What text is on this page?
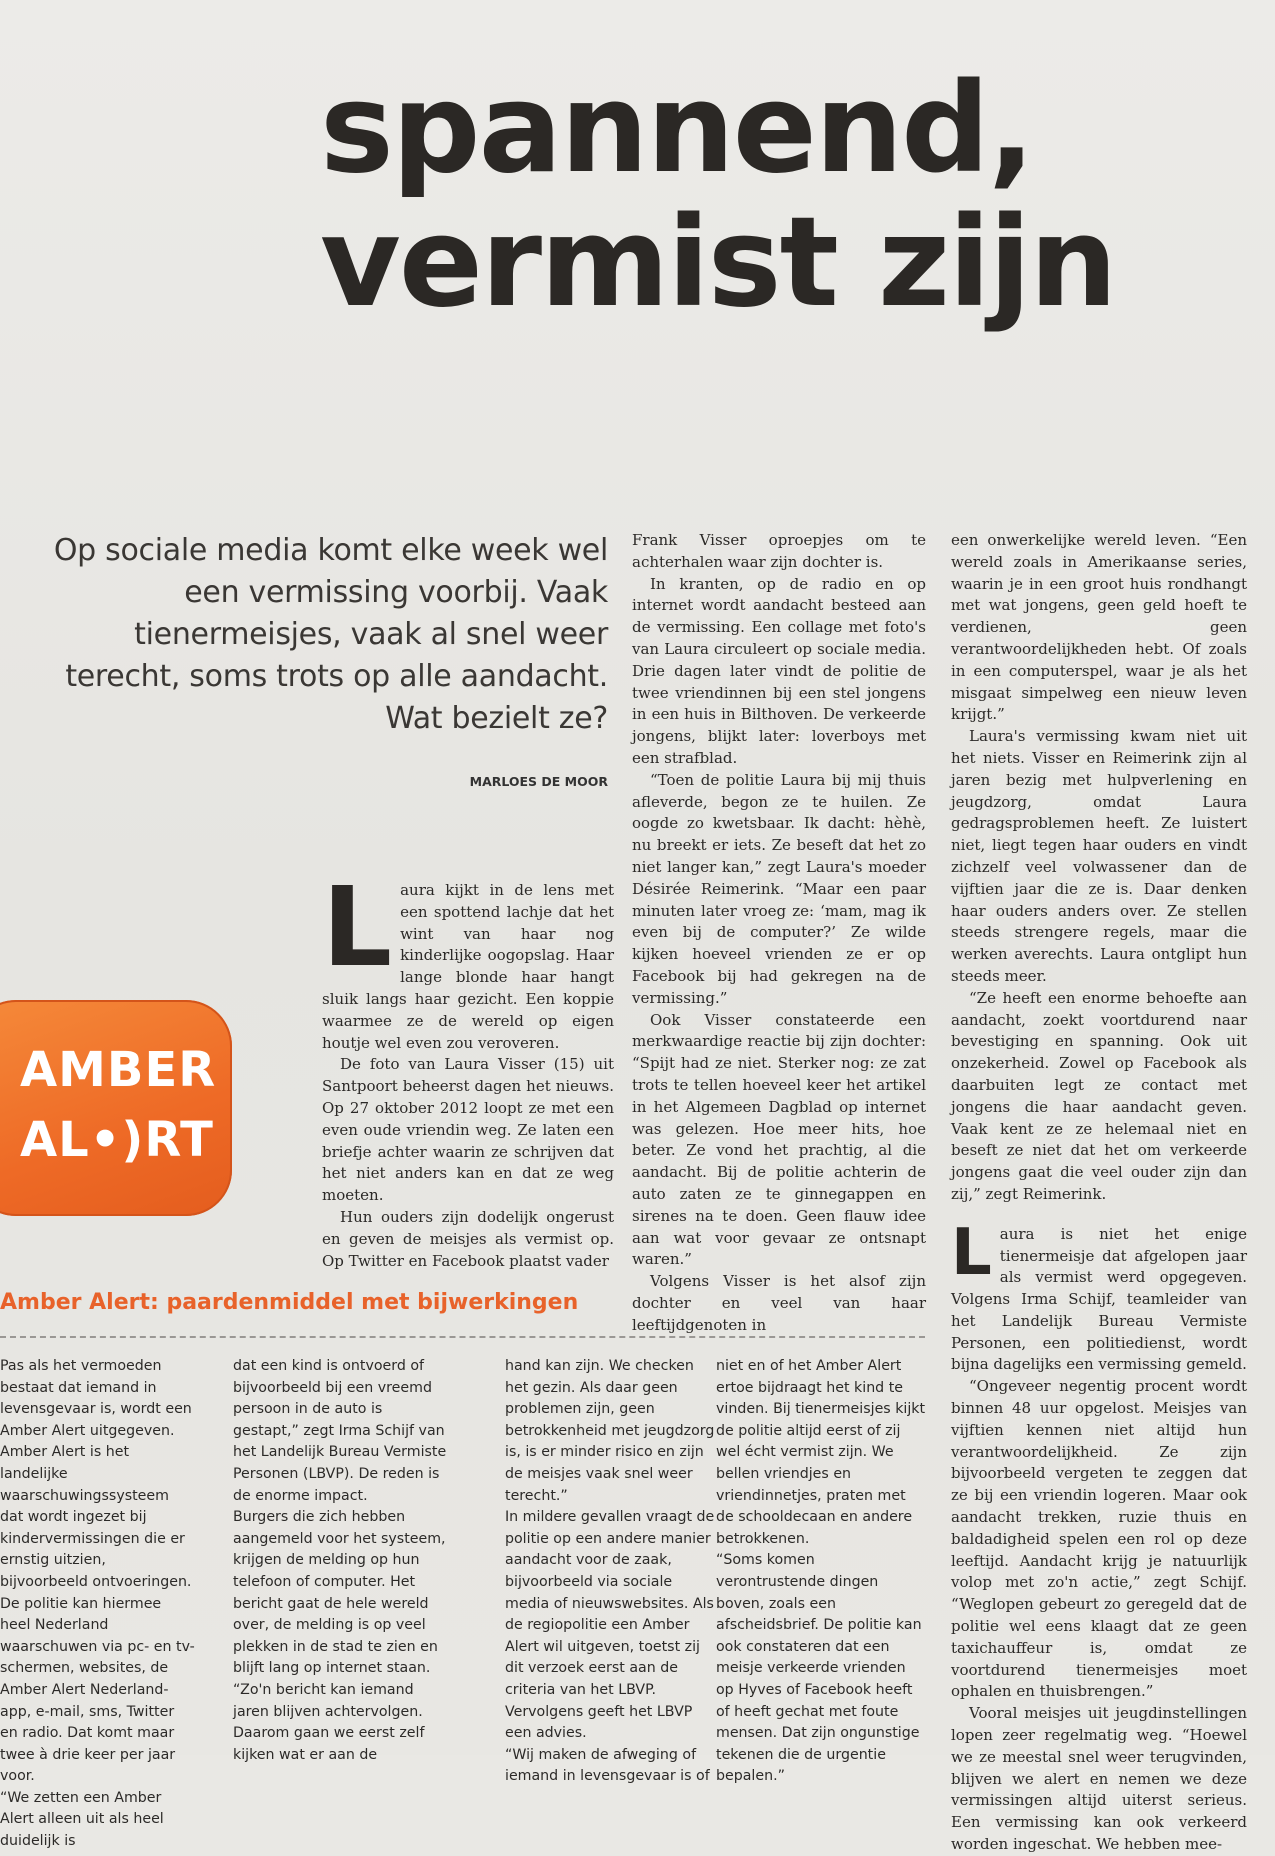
spannend,
vermist zijn

Op sociale media komt elke week wel een vermissing voorbij. Vaak tienermeisjes, vaak al snel weer terecht, soms trots op alle aandacht. Wat bezielt ze?

MARLOES DE MOOR
L aura kijkt in de lens met een spottend lachje dat het wint van haar nog kinderlijke oogopslag. Haar lange blonde haar hangt sluik langs haar gezicht. Een koppie waarmee ze de wereld op eigen houtje wel even zou veroveren.

De foto van Laura Visser (15) uit Santpoort beheerst dagen het nieuws. Op 27 oktober 2012 loopt ze met een even oude vriendin weg. Ze laten een briefje achter waarin ze schrijven dat het niet anders kan en dat ze weg moeten.

Hun ouders zijn dodelijk ongerust en geven de meisjes als vermist op. Op Twitter en Facebook plaatst vader

Frank Visser oproepjes om te achterhalen waar zijn dochter is.

In kranten, op de radio en op internet wordt aandacht besteed aan de vermissing. Een collage met foto's van Laura circuleert op sociale media. Drie dagen later vindt de politie de twee vriendinnen bij een stel jongens in een huis in Bilthoven. De verkeerde jongens, blijkt later: loverboys met een strafblad.

“Toen de politie Laura bij mij thuis afleverde, begon ze te huilen. Ze oogde zo kwetsbaar. Ik dacht: hèhè, nu breekt er iets. Ze beseft dat het zo niet langer kan,” zegt Laura's moeder Désirée Reimerink. “Maar een paar minuten later vroeg ze: ‘mam, mag ik even bij de computer?’ Ze wilde kijken hoeveel vrienden ze er op Facebook bij had gekregen na de vermissing.”

Ook Visser constateerde een merkwaardige reactie bij zijn dochter: “Spijt had ze niet. Sterker nog: ze zat trots te tellen hoeveel keer het artikel in het Algemeen Dagblad op internet was gelezen. Hoe meer hits, hoe beter. Ze vond het prachtig, al die aandacht. Bij de politie achterin de auto zaten ze te ginnegappen en sirenes na te doen. Geen flauw idee aan wat voor gevaar ze ontsnapt waren.”

Volgens Visser is het alsof zijn dochter en veel van haar leeftijdgenoten in

een onwerkelijke wereld leven. “Een wereld zoals in Amerikaanse series, waarin je in een groot huis rondhangt met wat jongens, geen geld hoeft te verdienen, geen verantwoordelijkheden hebt. Of zoals in een computerspel, waar je als het misgaat simpelweg een nieuw leven krijgt.”

Laura's vermissing kwam niet uit het niets. Visser en Reimerink zijn al jaren bezig met hulpverlening en jeugdzorg, omdat Laura gedragsproblemen heeft. Ze luistert niet, liegt tegen haar ouders en vindt zichzelf veel volwassener dan de vijftien jaar die ze is. Daar denken haar ouders anders over. Ze stellen steeds strengere regels, maar die werken averechts. Laura ontglipt hun steeds meer.

“Ze heeft een enorme behoefte aan aandacht, zoekt voortdurend naar bevestiging en spanning. Ook uit onzekerheid. Zowel op Facebook als daarbuiten legt ze contact met jongens die haar aandacht geven. Vaak kent ze ze helemaal niet en beseft ze niet dat het om verkeerde jongens gaat die veel ouder zijn dan zij,” zegt Reimerink.

L aura is niet het enige tienermeisje dat afgelopen jaar als vermist werd opgegeven. Volgens Irma Schijf, teamleider van het Landelijk Bureau Vermiste Personen, een politiedienst, wordt bijna dagelijks een vermissing gemeld.

“Ongeveer negentig procent wordt binnen 48 uur opgelost. Meisjes van vijftien kennen niet altijd hun verantwoordelijkheid. Ze zijn bijvoorbeeld vergeten te zeggen dat ze bij een vriendin logeren. Maar ook aandacht trekken, ruzie thuis en baldadigheid spelen een rol op deze leeftijd. Aandacht krijg je natuurlijk volop met zo'n actie,” zegt Schijf. “Weglopen gebeurt zo geregeld dat de politie wel eens klaagt dat ze geen taxichauffeur is, omdat ze voortdurend tienermeisjes moet ophalen en thuisbrengen.”

Vooral meisjes uit jeugdinstellingen lopen zeer regelmatig weg. “Hoewel we ze meestal snel weer terugvinden, blijven we alert en nemen we deze vermissingen altijd uiterst serieus. Een vermissing kan ook verkeerd worden ingeschat. We hebben mee-

AMBER
AL•)RT
Amber Alert: paardenmiddel met bijwerkingen

Pas als het vermoeden bestaat dat iemand in levensgevaar is, wordt een Amber Alert uitgegeven. Amber Alert is het landelijke waarschuwingssysteem dat wordt ingezet bij kindervermissingen die er ernstig uitzien, bijvoorbeeld ontvoeringen.

De politie kan hiermee heel Nederland waarschuwen via pc- en tv-schermen, websites, de Amber Alert Nederland-app, e-mail, sms, Twitter en radio. Dat komt maar twee à drie keer per jaar voor.

“We zetten een Amber Alert alleen uit als heel duidelijk is

dat een kind is ontvoerd of bijvoorbeeld bij een vreemd persoon in de auto is gestapt,” zegt Irma Schijf van het Landelijk Bureau Vermiste Personen (LBVP). De reden is de enorme impact.

Burgers die zich hebben aangemeld voor het systeem, krijgen de melding op hun telefoon of computer. Het bericht gaat de hele wereld over, de melding is op veel plekken in de stad te zien en blijft lang op internet staan. “Zo'n bericht kan iemand jaren blijven achtervolgen. Daarom gaan we eerst zelf kijken wat er aan de

hand kan zijn. We checken het gezin. Als daar geen problemen zijn, geen betrokkenheid met jeugdzorg is, is er minder risico en zijn de meisjes vaak snel weer terecht.”

In mildere gevallen vraagt de politie op een andere manier aandacht voor de zaak, bijvoorbeeld via sociale media of nieuwswebsites. Als de regiopolitie een Amber Alert wil uitgeven, toetst zij dit verzoek eerst aan de criteria van het LBVP. Vervolgens geeft het LBVP een advies.

“Wij maken de afweging of iemand in levensgevaar is of

niet en of het Amber Alert ertoe bijdraagt het kind te vinden. Bij tienermeisjes kijkt de politie altijd eerst of zij wel écht vermist zijn. We bellen vriendjes en vriendinnetjes, praten met de schooldecaan en andere betrokkenen.

“Soms komen verontrustende dingen boven, zoals een afscheidsbrief. De politie kan ook constateren dat een meisje verkeerde vrienden op Hyves of Facebook heeft of heeft gechat met foute mensen. Dat zijn ongunstige tekenen die de urgentie bepalen.”
